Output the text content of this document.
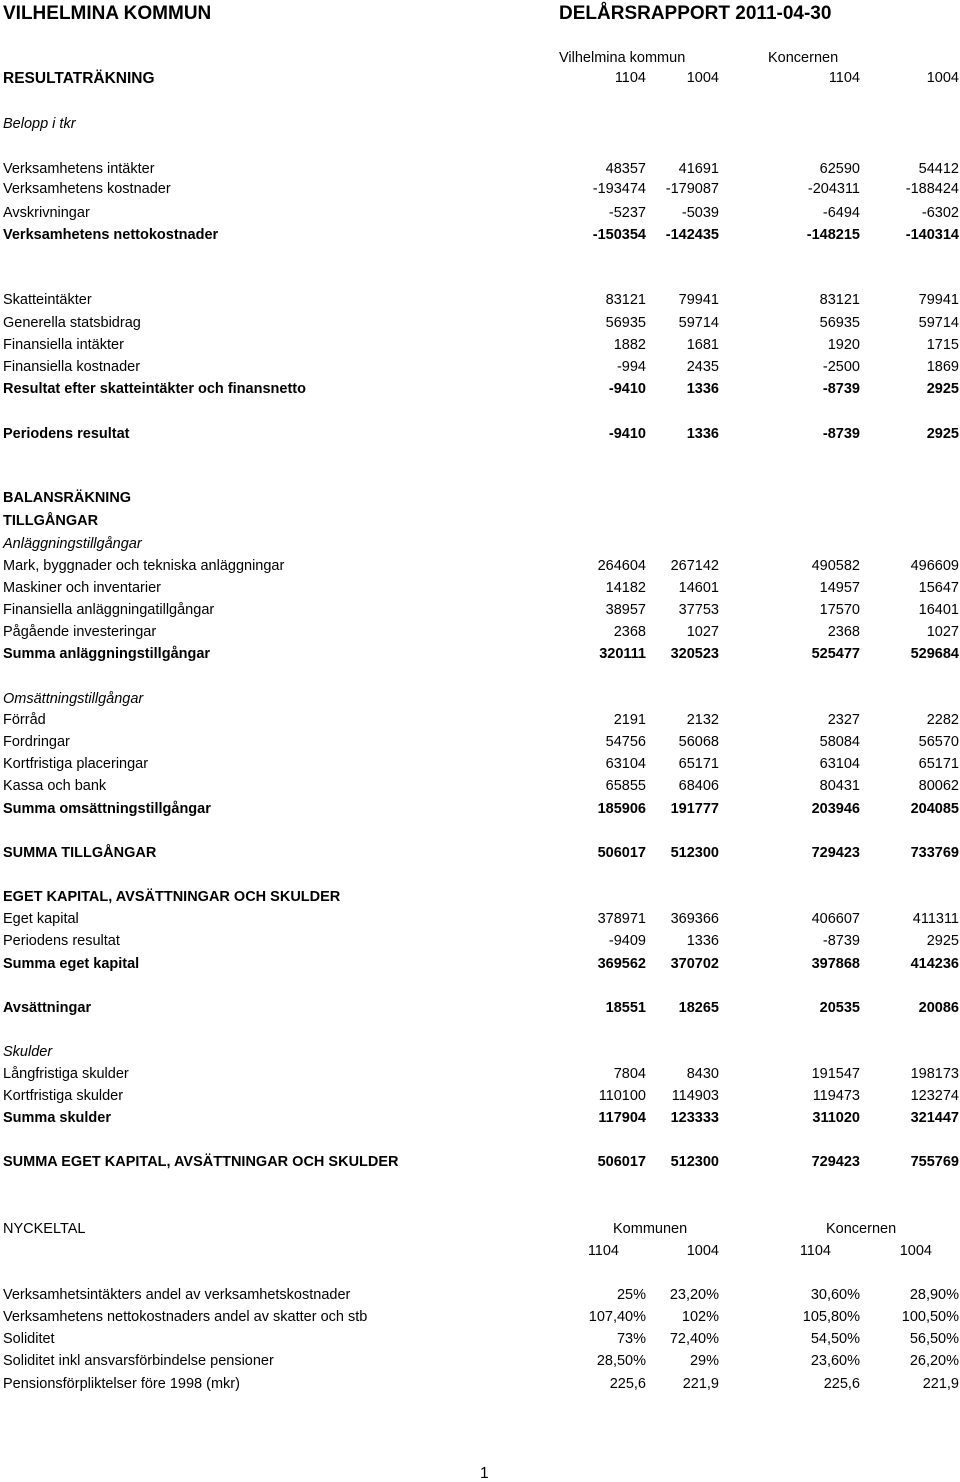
VILHELMINA KOMMUN	DELÅRSRAPPORT 2011-04-30
Vilhelmina kommun	Koncernen
RESULTATRÄKNING	1104	1004	1104	1004
Belopp i tkr
Verksamhetens intäkter	48357 41691	62590	54412
Verksamhetens kostnader	-193474 -179087	-204311	-188424
Avskrivningar	-5237 -5039	-6494	-6302
Verksamhetens nettokostnader	-150354 -142435	-148215	-140314
Skatteintäkter	83121 79941	83121	79941
Generella statsbidrag	56935 59714	56935	59714
Finansiella intäkter	1882	1681	1920	1715
Finansiella kostnader	-994	2435	-2500	1869
Resultat efter skatteintäkter och finansnetto	-9410	1336	-8739	2925
Periodens resultat	-9410	1336	-8739	2925
BALANSRÄKNING
TILLGÅNGAR
Anläggningstillgångar
Mark, byggnader och tekniska anläggningar	264604 267142	490582	496609
Maskiner och inventarier	14182 14601	14957	15647
Finansiella anläggningatillgångar	38957 37753	17570	16401
Pågående investeringar	2368	1027	2368	1027
Summa anläggningstillgångar	320111 320523	525477	529684
Omsättningstillgångar
Förråd	2191	2132	2327	2282
Fordringar	54756 56068	58084	56570
Kortfristiga placeringar	63104 65171	63104	65171
Kassa och bank	65855 68406	80431	80062
Summa omsättningstillgångar	185906 191777	203946	204085
SUMMA TILLGÅNGAR	506017 512300	729423	733769
EGET KAPITAL, AVSÄTTNINGAR OCH SKULDER
Eget kapital	378971 369366	406607	411311
Periodens resultat	-9409	1336	-8739	2925
Summa eget kapital	369562 370702	397868	414236
Avsättningar	18551 18265	20535	20086
Skulder
Långfristiga skulder	7804	8430	191547	198173
Kortfristiga skulder	110100 114903	119473	123274
Summa skulder	117904 123333	311020	321447
SUMMA EGET KAPITAL, AVSÄTTNINGAR OCH SKULDER	506017 512300	729423	755769
NYCKELTAL	Kommunen	Koncernen
1104	1004	1104	1004
Verksamhetsintäkters andel av verksamhetskostnader	25% 23,20%	30,60%	28,90%
Verksamhetens nettokostnaders andel av skatter och stb	107,40% 102%	105,80%	100,50%
Soliditet	73% 72,40%	54,50%	56,50%
Soliditet inkl ansvarsförbindelse pensioner	28,50%	29%	23,60%	26,20%
Pensionsförpliktelser före 1998 (mkr)	225,6	221,9	225,6	221,9
1
